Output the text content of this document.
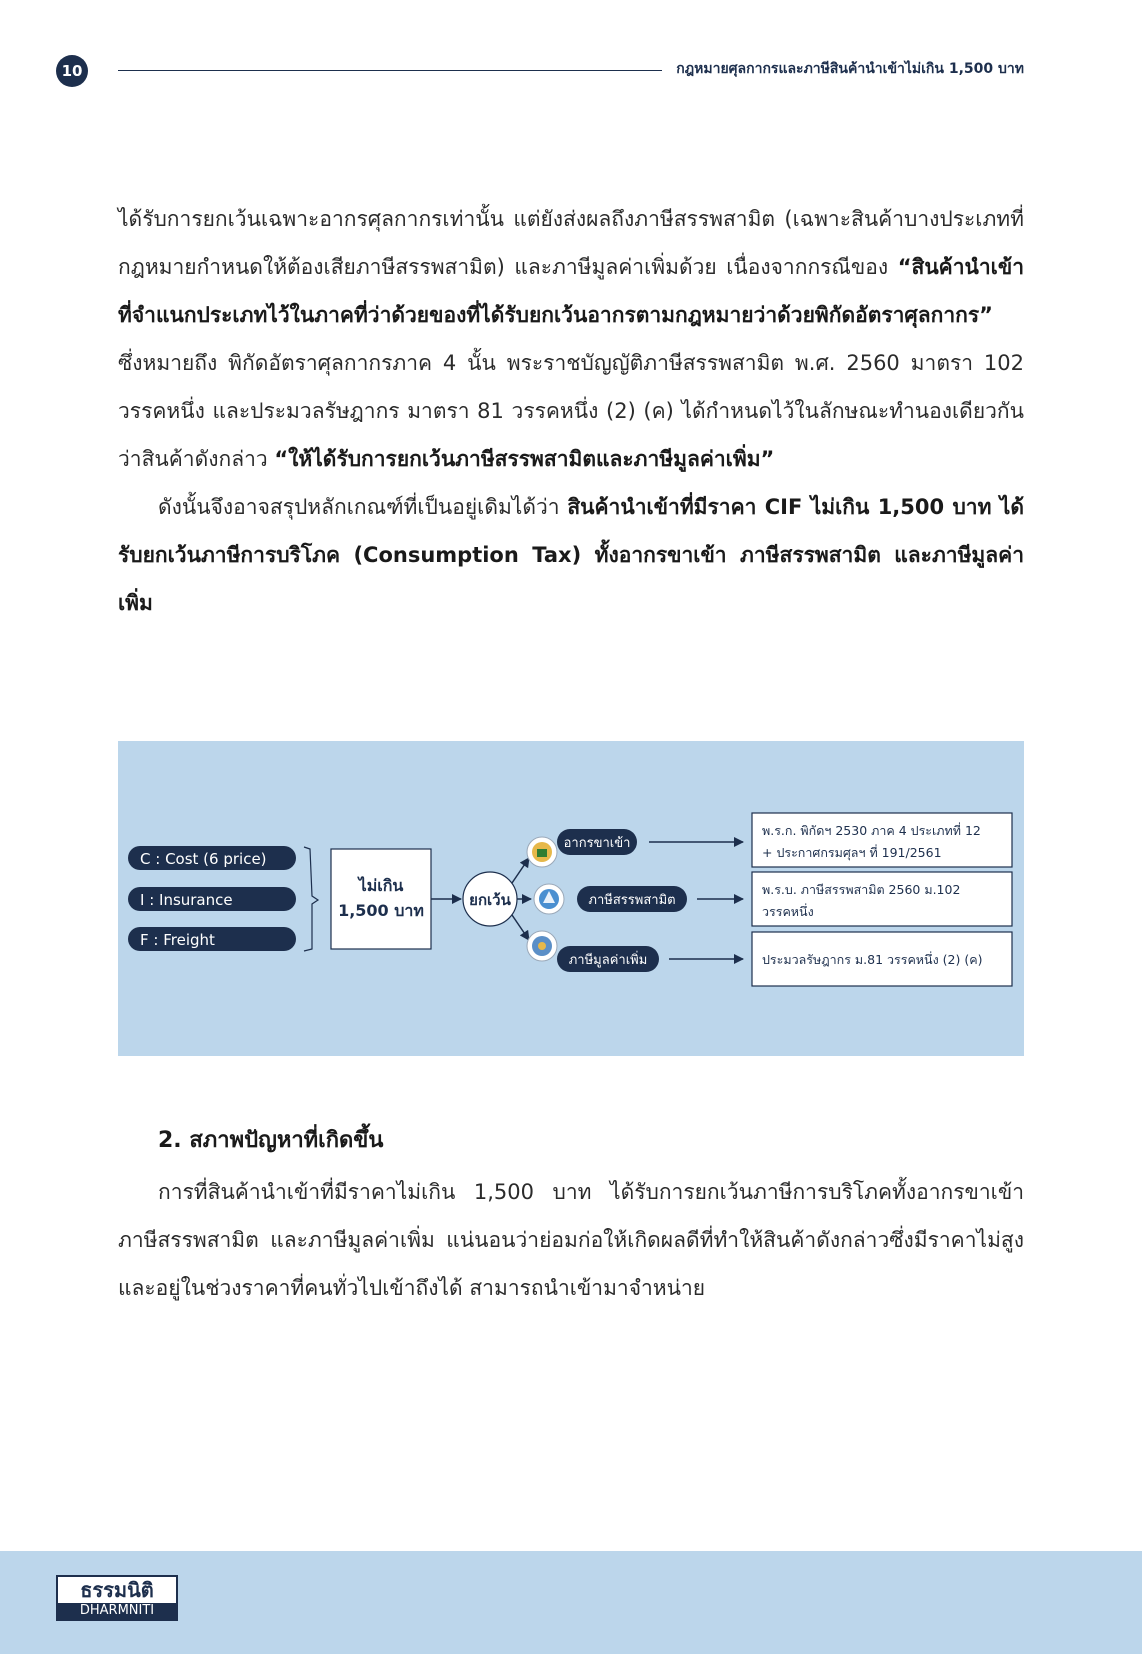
10	กฎหมายศุลกากรและภาษีสินค้านำเข้าไม่เกิน 1,500 บาท

ได้รับการยกเว้นเฉพาะอากรศุลกากรเท่านั้น แต่ยังส่งผลถึงภาษีสรรพสามิต (เฉพาะสินค้าบางประเภทที่กฎหมายกำหนดให้ต้องเสียภาษีสรรพสามิต) และภาษีมูลค่าเพิ่มด้วย เนื่องจากกรณีของ “สินค้านำเข้าที่จำแนกประเภทไว้ในภาคที่ว่าด้วยของที่ได้รับยกเว้นอากรตามกฎหมายว่าด้วยพิกัดอัตราศุลกากร” ซึ่งหมายถึง พิกัดอัตราศุลกากรภาค 4 นั้น พระราชบัญญัติภาษีสรรพสามิต พ.ศ. 2560 มาตรา 102 วรรคหนึ่ง และประมวลรัษฎากร มาตรา 81 วรรคหนึ่ง (2) (ค) ได้กำหนดไว้ในลักษณะทำนองเดียวกันว่าสินค้าดังกล่าว “ให้ได้รับการยกเว้นภาษีสรรพสามิตและภาษีมูลค่าเพิ่ม”

ดังนั้นจึงอาจสรุปหลักเกณฑ์ที่เป็นอยู่เดิมได้ว่า สินค้านำเข้าที่มีราคา CIF ไม่เกิน 1,500 บาท ได้รับยกเว้นภาษีการบริโภค (Consumption Tax) ทั้งอากรขาเข้า ภาษีสรรพสามิต และภาษีมูลค่าเพิ่ม

C : Cost (6 price)
I : Insurance
F : Freight
ไม่เกิน
1,500 บาท
ยกเว้น
อากรขาเข้า
ภาษีสรรพสามิต
ภาษีมูลค่าเพิ่ม
พ.ร.ก. พิกัดฯ 2530 ภาค 4 ประเภทที่ 12
+ ประกาศกรมศุลฯ ที่ 191/2561
พ.ร.บ. ภาษีสรรพสามิต 2560 ม.102
วรรคหนึ่ง
ประมวลรัษฎากร ม.81 วรรคหนึ่ง (2) (ค)
2. สภาพปัญหาที่เกิดขึ้น
การที่สินค้านำเข้าที่มีราคาไม่เกิน 1,500 บาท ได้รับการยกเว้นภาษีการบริโภคทั้งอากรขาเข้า ภาษีสรรพสามิต และภาษีมูลค่าเพิ่ม แน่นอนว่าย่อมก่อให้เกิดผลดีที่ทำให้สินค้าดังกล่าวซึ่งมีราคาไม่สูงและอยู่ในช่วงราคาที่คนทั่วไปเข้าถึงได้ สามารถนำเข้ามาจำหน่าย
ธรรมนิติ
DHARMNITI
